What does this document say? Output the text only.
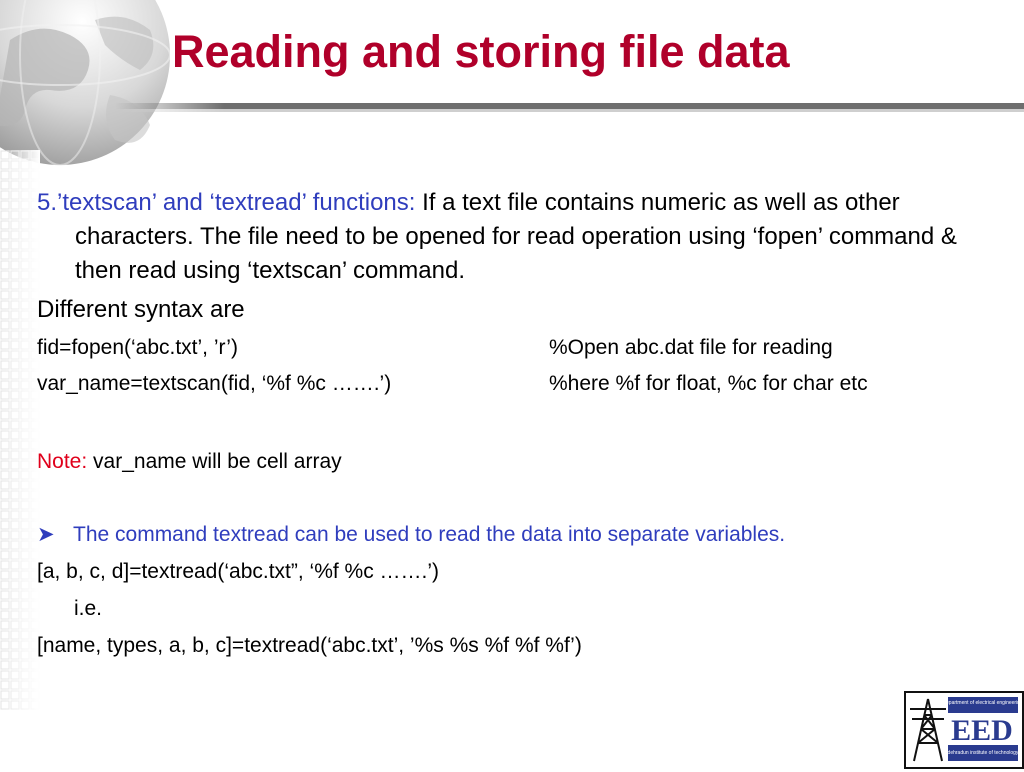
Reading and storing file data

5.’textscan’ and ‘textread’ functions: If a text file contains numeric as well as other characters. The file need to be opened for read operation using ‘fopen’ command & then read using ‘textscan’ command.

Different syntax are

fid=fopen(‘abc.txt’, ’r’)	%Open abc.dat file for reading
var_name=textscan(fid, ‘%f %c …….’)	%here %f for float, %c for char etc

Note: var_name will be cell array

➤ The command textread can be used to read the data into separate variables.

[a, b, c, d]=textread(‘abc.txt”, ‘%f %c …….’)

i.e.

[name, types, a, b, c]=textread(‘abc.txt’, ’%s %s %f %f %f’)

EED
department of electrical engineering
dehradun institute of technology
